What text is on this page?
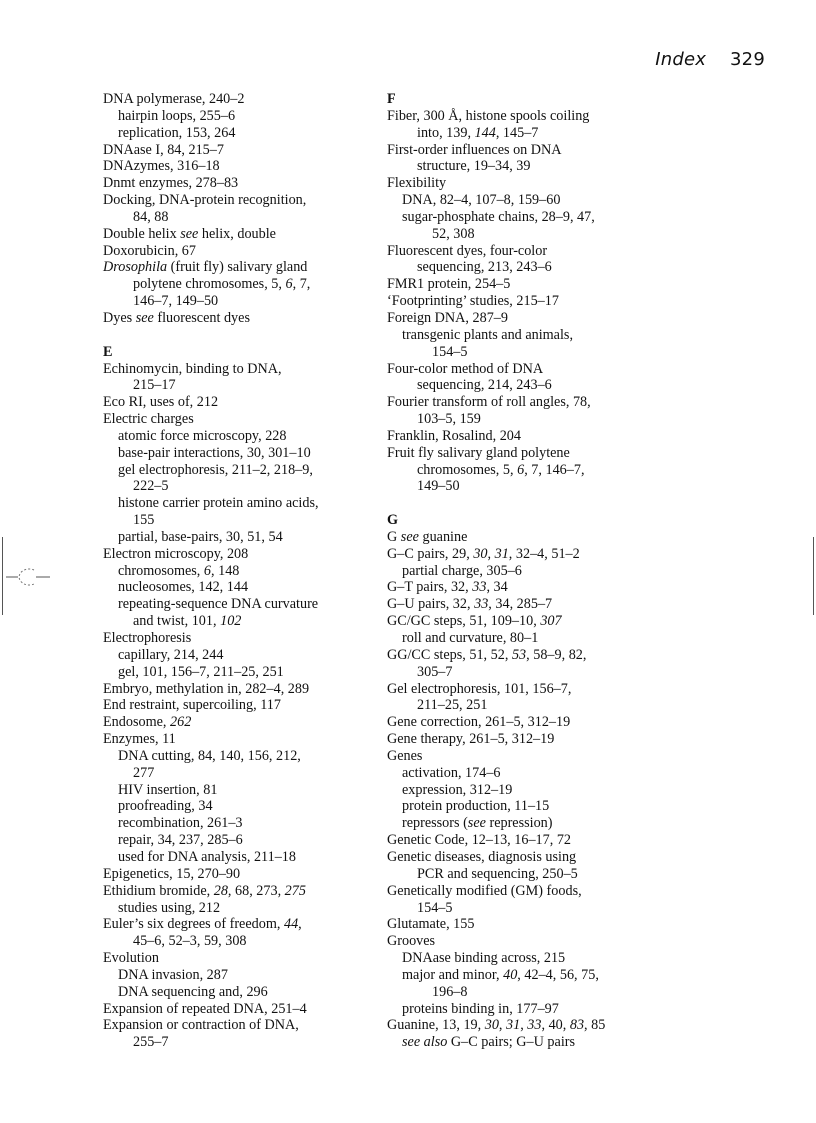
Index 329
DNA polymerase, 240–2
hairpin loops, 255–6
replication, 153, 264
DNAase I, 84, 215–7
DNAzymes, 316–18
Dnmt enzymes, 278–83
Docking, DNA-protein recognition,
84, 88
Double helix see helix, double
Doxorubicin, 67
Drosophila (fruit fly) salivary gland
polytene chromosomes, 5, 6, 7,
146–7, 149–50
Dyes see fluorescent dyes
E
Echinomycin, binding to DNA,
215–17
Eco RI, uses of, 212
Electric charges
atomic force microscopy, 228
base-pair interactions, 30, 301–10
gel electrophoresis, 211–2, 218–9,
222–5
histone carrier protein amino acids,
155
partial, base-pairs, 30, 51, 54
Electron microscopy, 208
chromosomes, 6, 148
nucleosomes, 142, 144
repeating-sequence DNA curvature
and twist, 101, 102
Electrophoresis
capillary, 214, 244
gel, 101, 156–7, 211–25, 251
Embryo, methylation in, 282–4, 289
End restraint, supercoiling, 117
Endosome, 262
Enzymes, 11
DNA cutting, 84, 140, 156, 212,
277
HIV insertion, 81
proofreading, 34
recombination, 261–3
repair, 34, 237, 285–6
used for DNA analysis, 211–18
Epigenetics, 15, 270–90
Ethidium bromide, 28, 68, 273, 275
studies using, 212
Euler’s six degrees of freedom, 44,
45–6, 52–3, 59, 308
Evolution
DNA invasion, 287
DNA sequencing and, 296
Expansion of repeated DNA, 251–4
Expansion or contraction of DNA,
255–7
F
Fiber, 300 Å, histone spools coiling
into, 139, 144, 145–7
First-order influences on DNA
structure, 19–34, 39
Flexibility
DNA, 82–4, 107–8, 159–60
sugar-phosphate chains, 28–9, 47,
52, 308
Fluorescent dyes, four-color
sequencing, 213, 243–6
FMR1 protein, 254–5
‘Footprinting’ studies, 215–17
Foreign DNA, 287–9
transgenic plants and animals,
154–5
Four-color method of DNA
sequencing, 214, 243–6
Fourier transform of roll angles, 78,
103–5, 159
Franklin, Rosalind, 204
Fruit fly salivary gland polytene
chromosomes, 5, 6, 7, 146–7,
149–50
G
G see guanine
G–C pairs, 29, 30, 31, 32–4, 51–2
partial charge, 305–6
G–T pairs, 32, 33, 34
G–U pairs, 32, 33, 34, 285–7
GC/GC steps, 51, 109–10, 307
roll and curvature, 80–1
GG/CC steps, 51, 52, 53, 58–9, 82,
305–7
Gel electrophoresis, 101, 156–7,
211–25, 251
Gene correction, 261–5, 312–19
Gene therapy, 261–5, 312–19
Genes
activation, 174–6
expression, 312–19
protein production, 11–15
repressors (see repression)
Genetic Code, 12–13, 16–17, 72
Genetic diseases, diagnosis using
PCR and sequencing, 250–5
Genetically modified (GM) foods,
154–5
Glutamate, 155
Grooves
DNAase binding across, 215
major and minor, 40, 42–4, 56, 75,
196–8
proteins binding in, 177–97
Guanine, 13, 19, 30, 31, 33, 40, 83, 85
see also G–C pairs; G–U pairs
